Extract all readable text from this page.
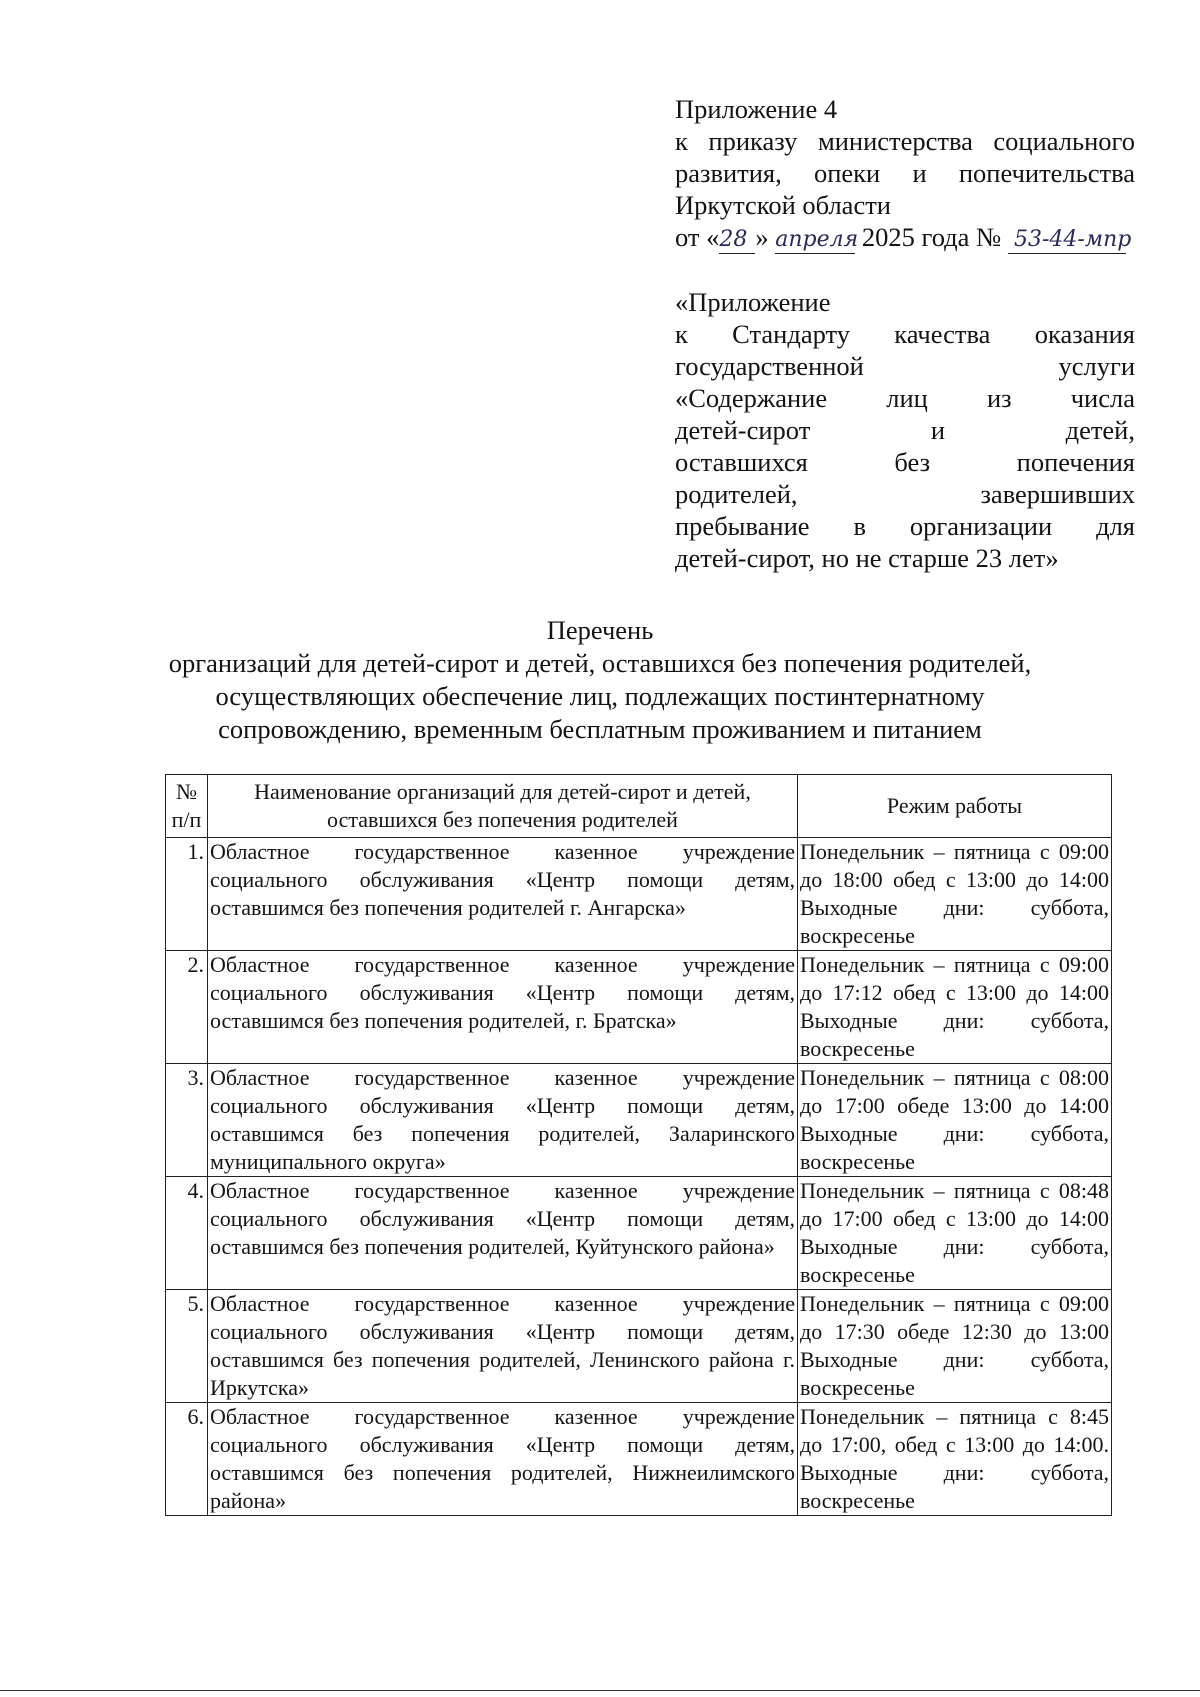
Приложение 4
к приказу министерства социального
развития, опеки и попечительства
Иркутской области
от «28 » апреля 2025 года № 53-44-мпр
«Приложение
к Стандарту качества оказания
государственной услуги
«Содержание лиц из числа
детей-сирот и детей,
оставшихся без попечения
родителей, завершивших
пребывание в организации для
детей-сирот, но не старше 23 лет»
Перечень
организаций для детей-сирот и детей, оставшихся без попечения родителей,
осуществляющих обеспечение лиц, подлежащих постинтернатному
сопровождению, временным бесплатным проживанием и питанием
№ п/п	Наименование организаций для детей-сирот и детей, оставшихся без попечения родителей	Режим работы
1.	Областное государственное казенное учреждение социального обслуживания «Центр помощи детям, оставшимся без попечения родителей г. Ангарска»	Понедельник – пятница с 09:00 до 18:00 обед с 13:00 до 14:00 Выходные дни: суббота, воскресенье
2.	Областное государственное казенное учреждение социального обслуживания «Центр помощи детям, оставшимся без попечения родителей, г. Братска»	Понедельник – пятница с 09:00 до 17:12 обед с 13:00 до 14:00 Выходные дни: суббота, воскресенье
3.	Областное государственное казенное учреждение социального обслуживания «Центр помощи детям, оставшимся без попечения родителей, Заларинского муниципального округа»	Понедельник – пятница с 08:00 до 17:00 обеде 13:00 до 14:00 Выходные дни: суббота, воскресенье
4.	Областное государственное казенное учреждение социального обслуживания «Центр помощи детям, оставшимся без попечения родителей, Куйтунского района»	Понедельник – пятница с 08:48 до 17:00 обед с 13:00 до 14:00 Выходные дни: суббота, воскресенье
5.	Областное государственное казенное учреждение социального обслуживания «Центр помощи детям, оставшимся без попечения родителей, Ленинского района г. Иркутска»	Понедельник – пятница с 09:00 до 17:30 обеде 12:30 до 13:00 Выходные дни: суббота, воскресенье
6.	Областное государственное казенное учреждение социального обслуживания «Центр помощи детям, оставшимся без попечения родителей, Нижнеилимского района»	Понедельник – пятница с 8:45 до 17:00, обед с 13:00 до 14:00. Выходные дни: суббота, воскресенье
